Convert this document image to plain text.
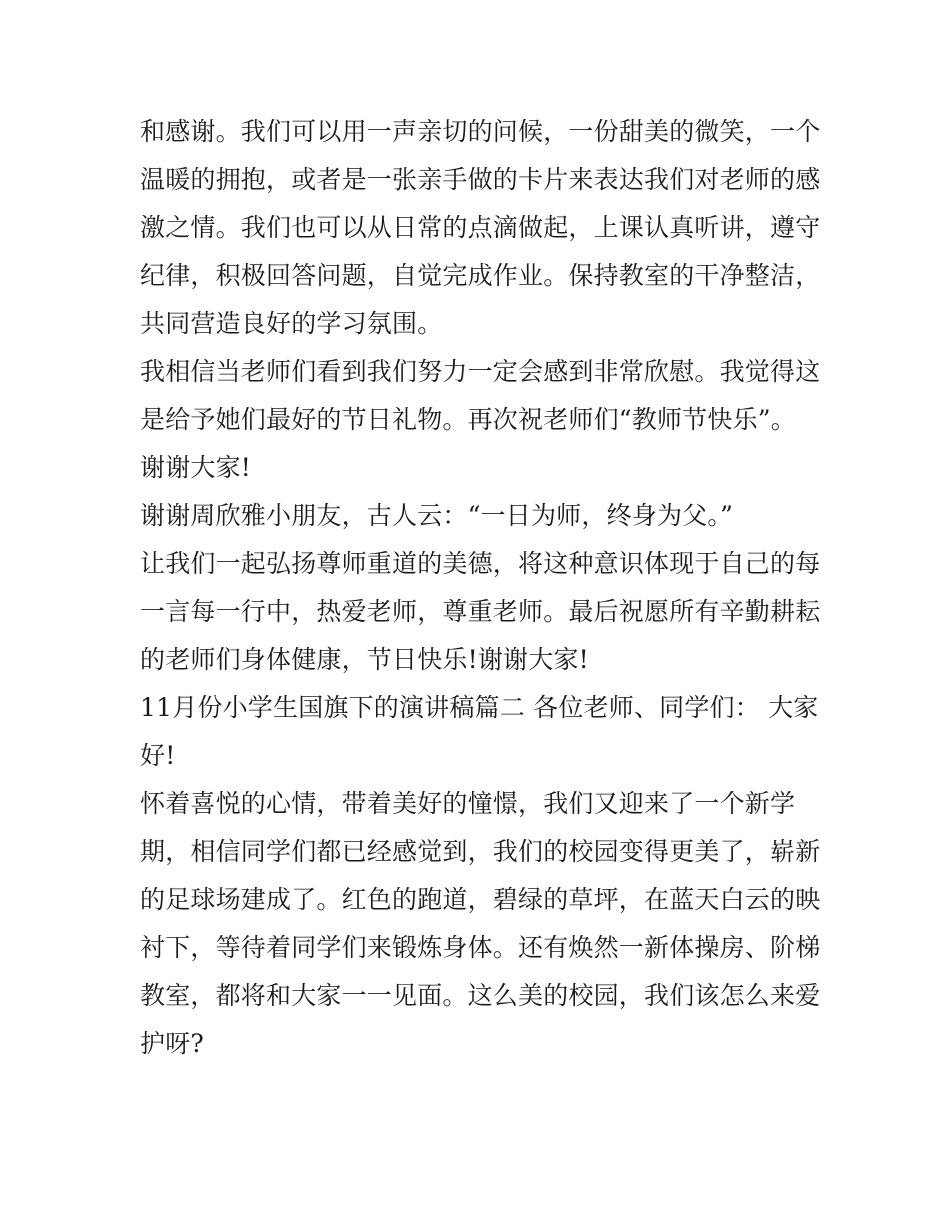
和感谢。我们可以用一声亲切的问候，一份甜美的微笑，一个
温暖的拥抱，或者是一张亲手做的卡片来表达我们对老师的感
激之情。我们也可以从日常的点滴做起，上课认真听讲，遵守
纪律，积极回答问题，自觉完成作业。保持教室的干净整洁，
共同营造良好的学习氛围。
我相信当老师们看到我们努力一定会感到非常欣慰。我觉得这
是给予她们最好的节日礼物。再次祝老师们“教师节快乐”。
谢谢大家!
谢谢周欣雅小朋友，古人云：“一日为师，终身为父。”
让我们一起弘扬尊师重道的美德，将这种意识体现于自己的每
一言每一行中，热爱老师，尊重老师。最后祝愿所有辛勤耕耘
的老师们身体健康，节日快乐!谢谢大家!
11月份小学生国旗下的演讲稿篇二 各位老师、同学们： 大家
好!
怀着喜悦的心情，带着美好的憧憬，我们又迎来了一个新学
期，相信同学们都已经感觉到，我们的校园变得更美了，崭新
的足球场建成了。红色的跑道，碧绿的草坪，在蓝天白云的映
衬下，等待着同学们来锻炼身体。还有焕然一新体操房、阶梯
教室，都将和大家一一见面。这么美的校园，我们该怎么来爱
护呀?
